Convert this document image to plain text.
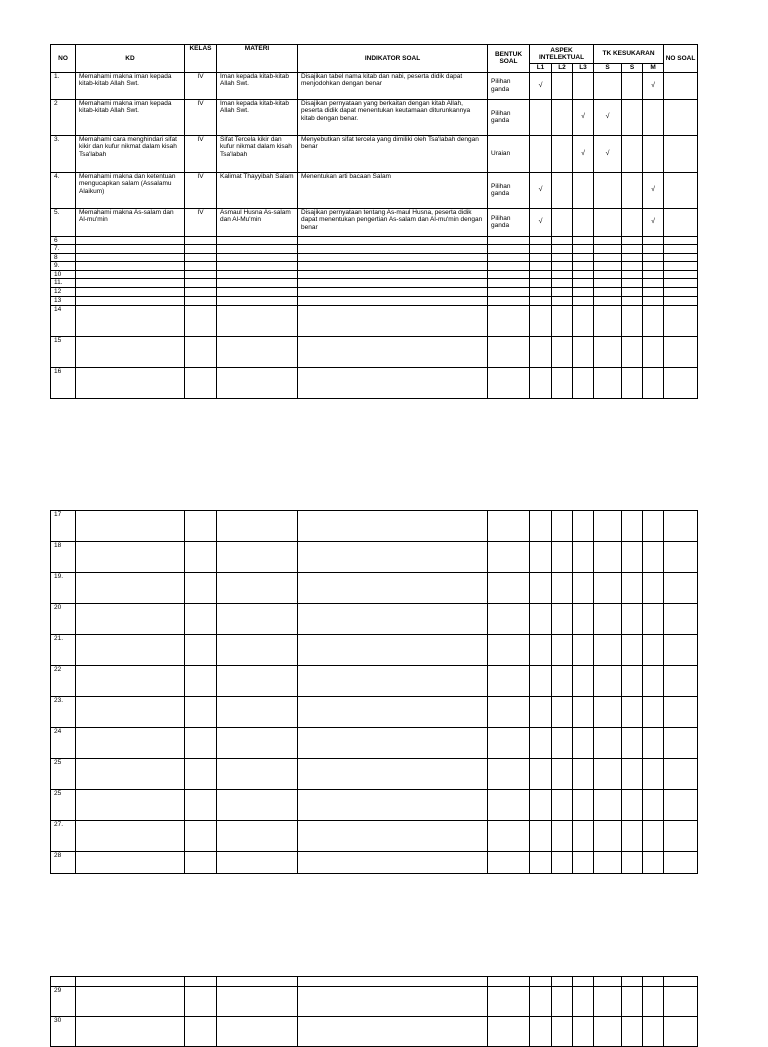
NO	KD	KELAS	MATERI	INDIKATOR SOAL	BENTUK SOAL	ASPEK INTELEKTUAL			TK KESUKARAN			NO SOAL
						L1	L2	L3	S	S	M	
1.	Memahami makna iman kepada kitab-kitab Allah Swt.	IV	Iman kepada kitab-kitab Allah Swt.	Disajikan tabel nama kitab dan nabi, peserta didik dapat menjodohkan dengan benar	Pilihan ganda	√					√	
2	Memahami makna iman kepada kitab-kitab Allah Swt.	IV	Iman kepada kitab-kitab Allah Swt.	Disajikan pernyataan yang berkaitan dengan kitab Allah, peserta didik dapat menentukan keutamaan diturunkannya kitab dengan benar.	Pilihan ganda			√	√			
3.	Memahami cara menghindari sifat kikir dan kufur nikmat dalam kisah Tsa'labah	IV	Sifat Tercela kikir dan kufur nikmat dalam kisah Tsa'labah	Menyebutkan sifat tercela yang dimiliki oleh Tsa'labah dengan benar	Uraian			√	√			
4.	Memahami makna dan ketentuan mengucapkan salam (Assalamu Alaikum)	IV	Kalimat Thayyibah Salam	Menentukan arti bacaan Salam	Pilihan ganda	√					√	
5.	Memahami makna As-salam dan Al-mu'min	IV	Asmaul Husna As-salam dan Al-Mu'min	Disajikan pernyataan tentang As-maul Husna, peserta didik dapat menentukan pengertian As-salam dan Al-mu'min dengan benar	Pilihan ganda	√					√	
6												
7.												
8												
9.												
10												
11.												
12												
13												
14												
15												
16												
17												
18												
19.												
20												
21.												
22												
23.												
24												
25												
25												
27.												
28												

29												
30												
